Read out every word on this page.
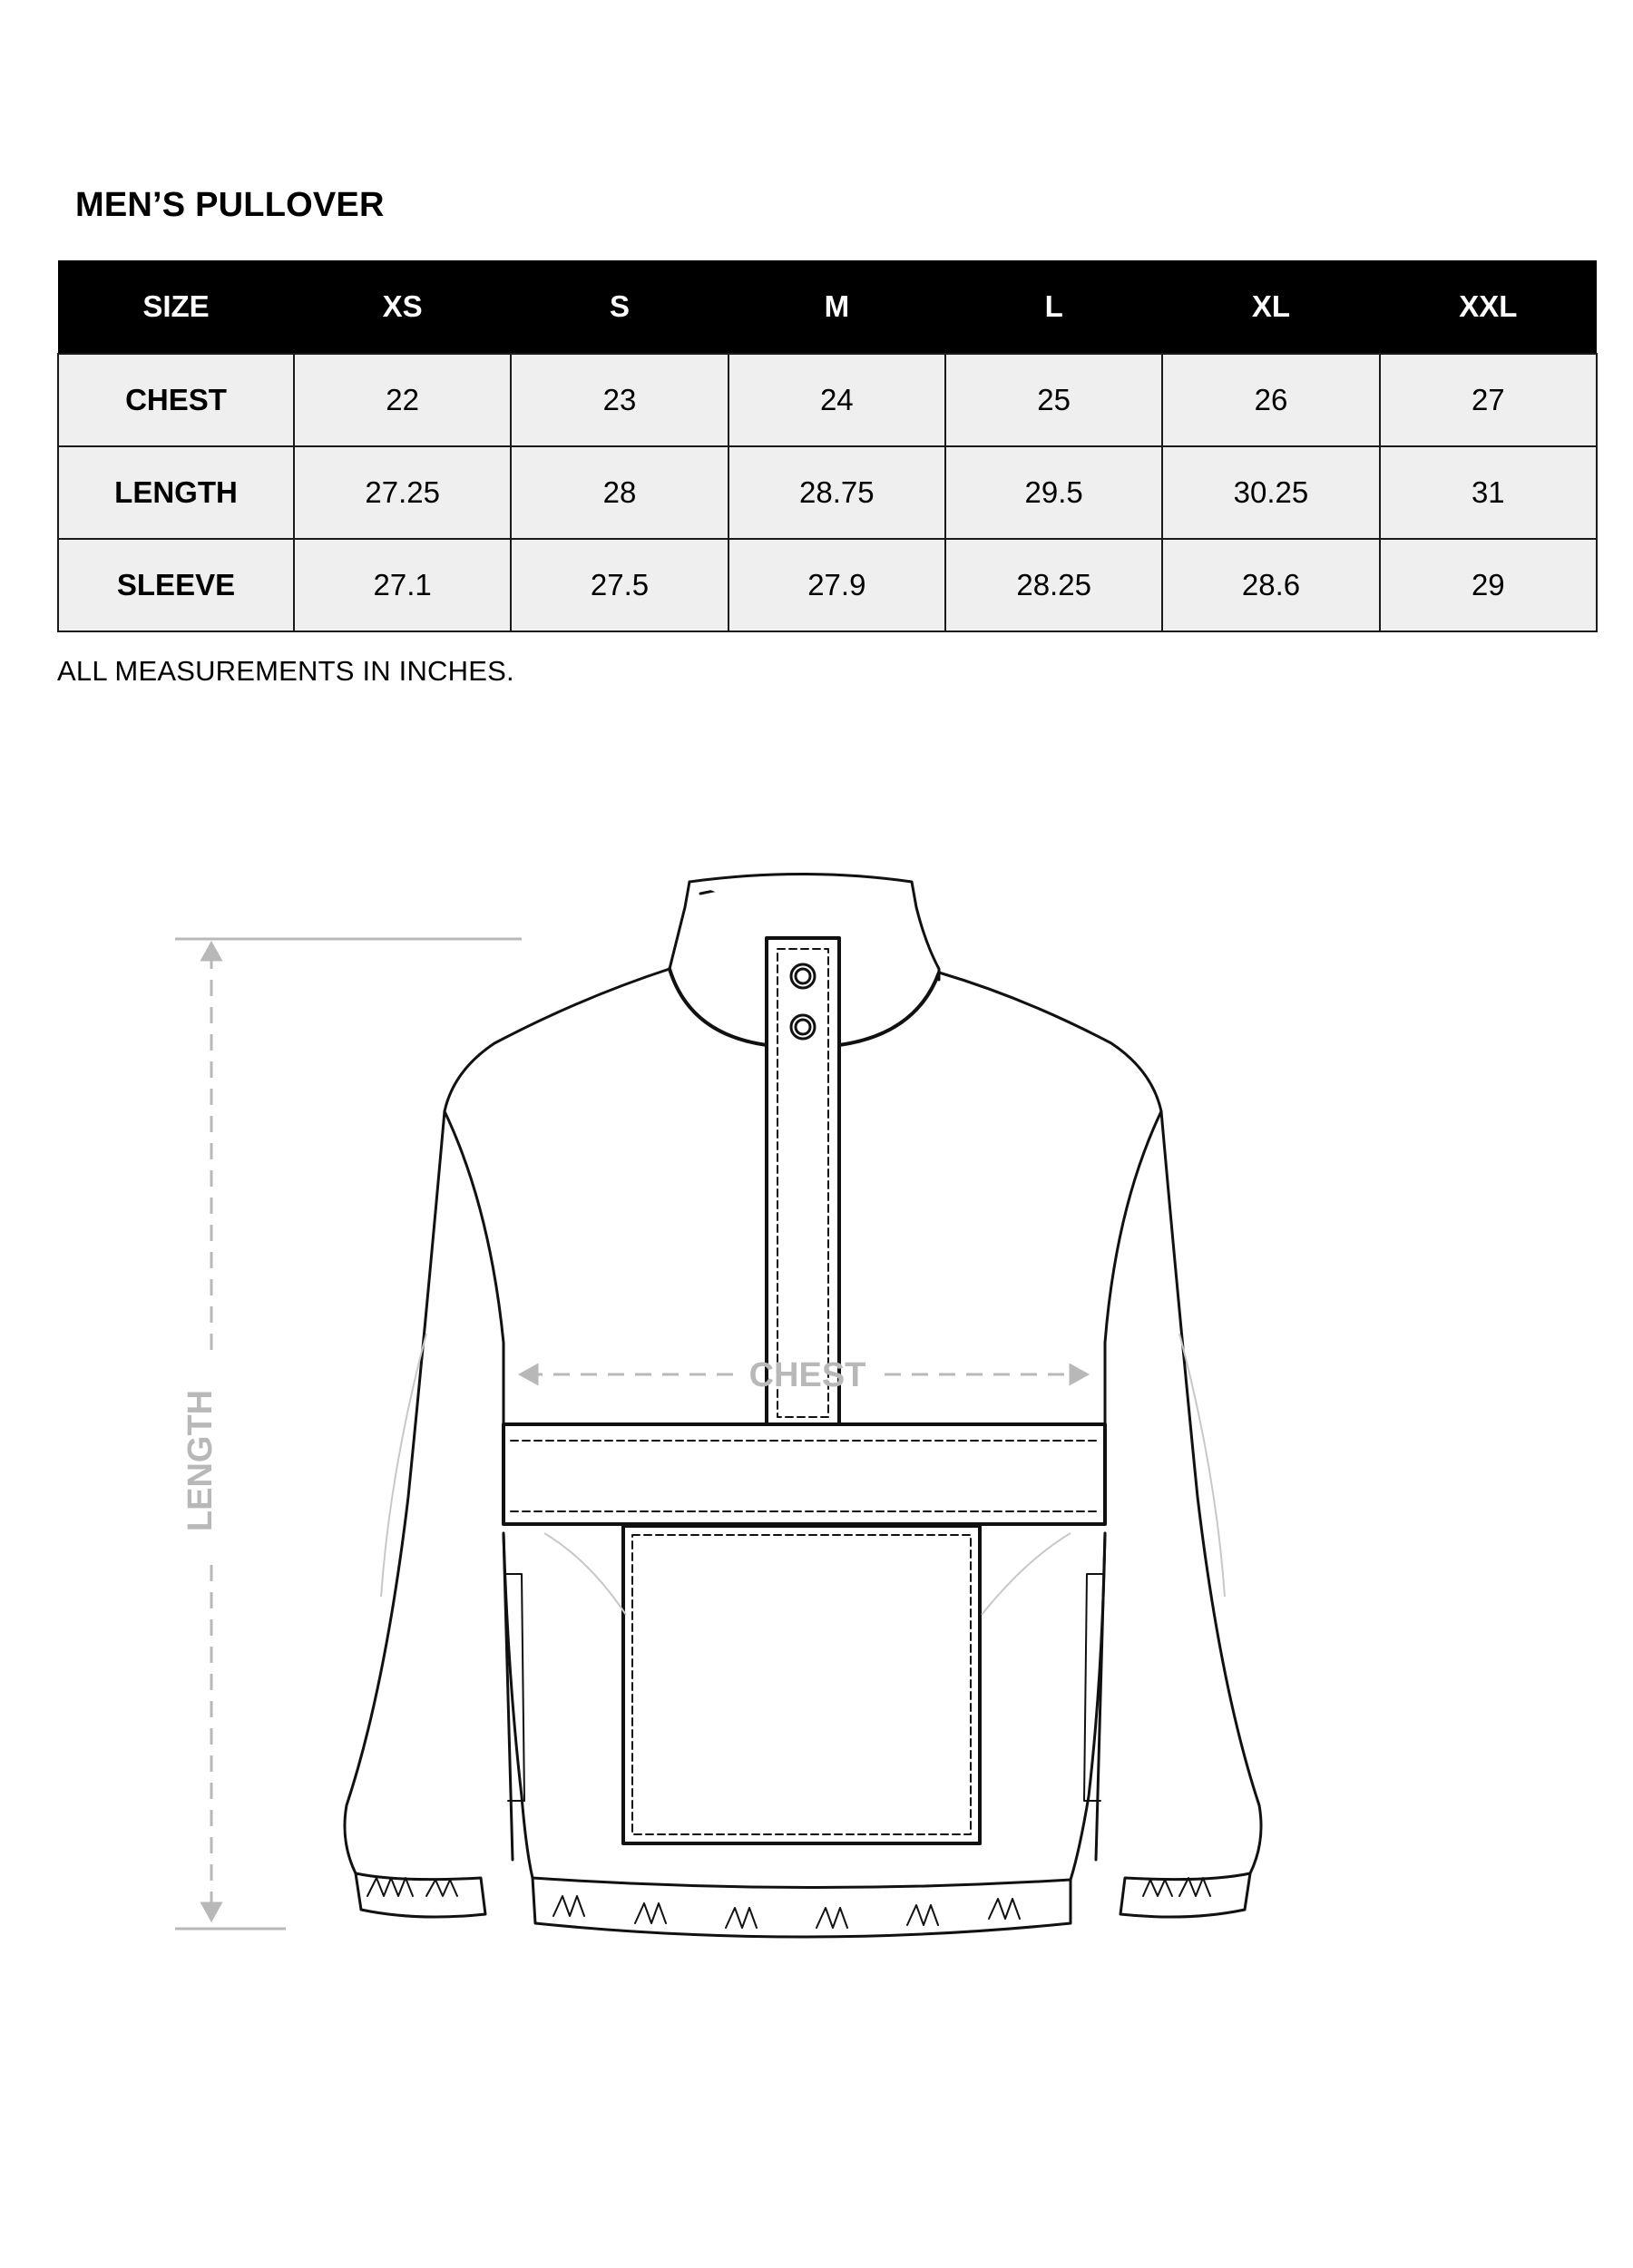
MEN’S PULLOVER
SIZE	XS	S	M	L	XL	XXL
CHEST	22	23	24	25	26	27
LENGTH	27.25	28	28.75	29.5	30.25	31
SLEEVE	27.1	27.5	27.9	28.25	28.6	29
ALL MEASUREMENTS IN INCHES.
LENGTH
CHEST
